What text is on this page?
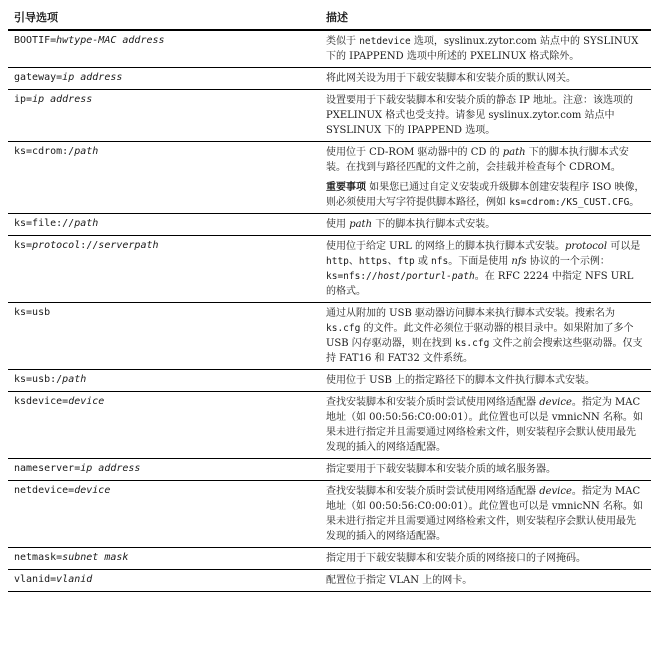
引导选项	描述
BOOTIF=hwtype-MAC address	类似于 netdevice 选项，syslinux.zytor.com 站点中的 SYSLINUX 下的 IPAPPEND 选项中所述的 PXELINUX 格式除外。
gateway=ip address	将此网关设为用于下载安装脚本和安装介质的默认网关。
ip=ip address	设置要用于下载安装脚本和安装介质的静态 IP 地址。注意：该选项的 PXELINUX 格式也受支持。请参见 syslinux.zytor.com 站点中 SYSLINUX 下的 IPAPPEND 选项。
ks=cdrom:/path	使用位于 CD-ROM 驱动器中的 CD 的 path 下的脚本执行脚本式安装。在找到与路径匹配的文件之前，会挂载并检查每个 CDROM。
重要事项 如果您已通过自定义安装或升级脚本创建安装程序 ISO 映像，则必须使用大写字符提供脚本路径，例如 ks=cdrom:/KS_CUST.CFG。

ks=file://path	使用 path 下的脚本执行脚本式安装。
ks=protocol://serverpath	使用位于给定 URL 的网络上的脚本执行脚本式安装。protocol 可以是 http、https、ftp 或 nfs。下面是使用 nfs 协议的一个示例：ks=nfs://host/porturl-path。在 RFC 2224 中指定 NFS URL 的格式。
ks=usb	通过从附加的 USB 驱动器访问脚本来执行脚本式安装。搜索名为 ks.cfg 的文件。此文件必须位于驱动器的根目录中。如果附加了多个 USB 闪存驱动器，则在找到 ks.cfg 文件之前会搜索这些驱动器。仅支持 FAT16 和 FAT32 文件系统。
ks=usb:/path	使用位于 USB 上的指定路径下的脚本文件执行脚本式安装。
ksdevice=device	查找安装脚本和安装介质时尝试使用网络适配器 device。指定为 MAC 地址（如 00:50:56:C0:00:01）。此位置也可以是 vmnicNN 名称。如果未进行指定并且需要通过网络检索文件，则安装程序会默认使用最先发现的插入的网络适配器。
nameserver=ip address	指定要用于下载安装脚本和安装介质的域名服务器。
netdevice=device	查找安装脚本和安装介质时尝试使用网络适配器 device。指定为 MAC 地址（如 00:50:56:C0:00:01）。此位置也可以是 vmnicNN 名称。如果未进行指定并且需要通过网络检索文件，则安装程序会默认使用最先发现的插入的网络适配器。
netmask=subnet mask	指定用于下载安装脚本和安装介质的网络接口的子网掩码。
vlanid=vlanid	配置位于指定 VLAN 上的网卡。
